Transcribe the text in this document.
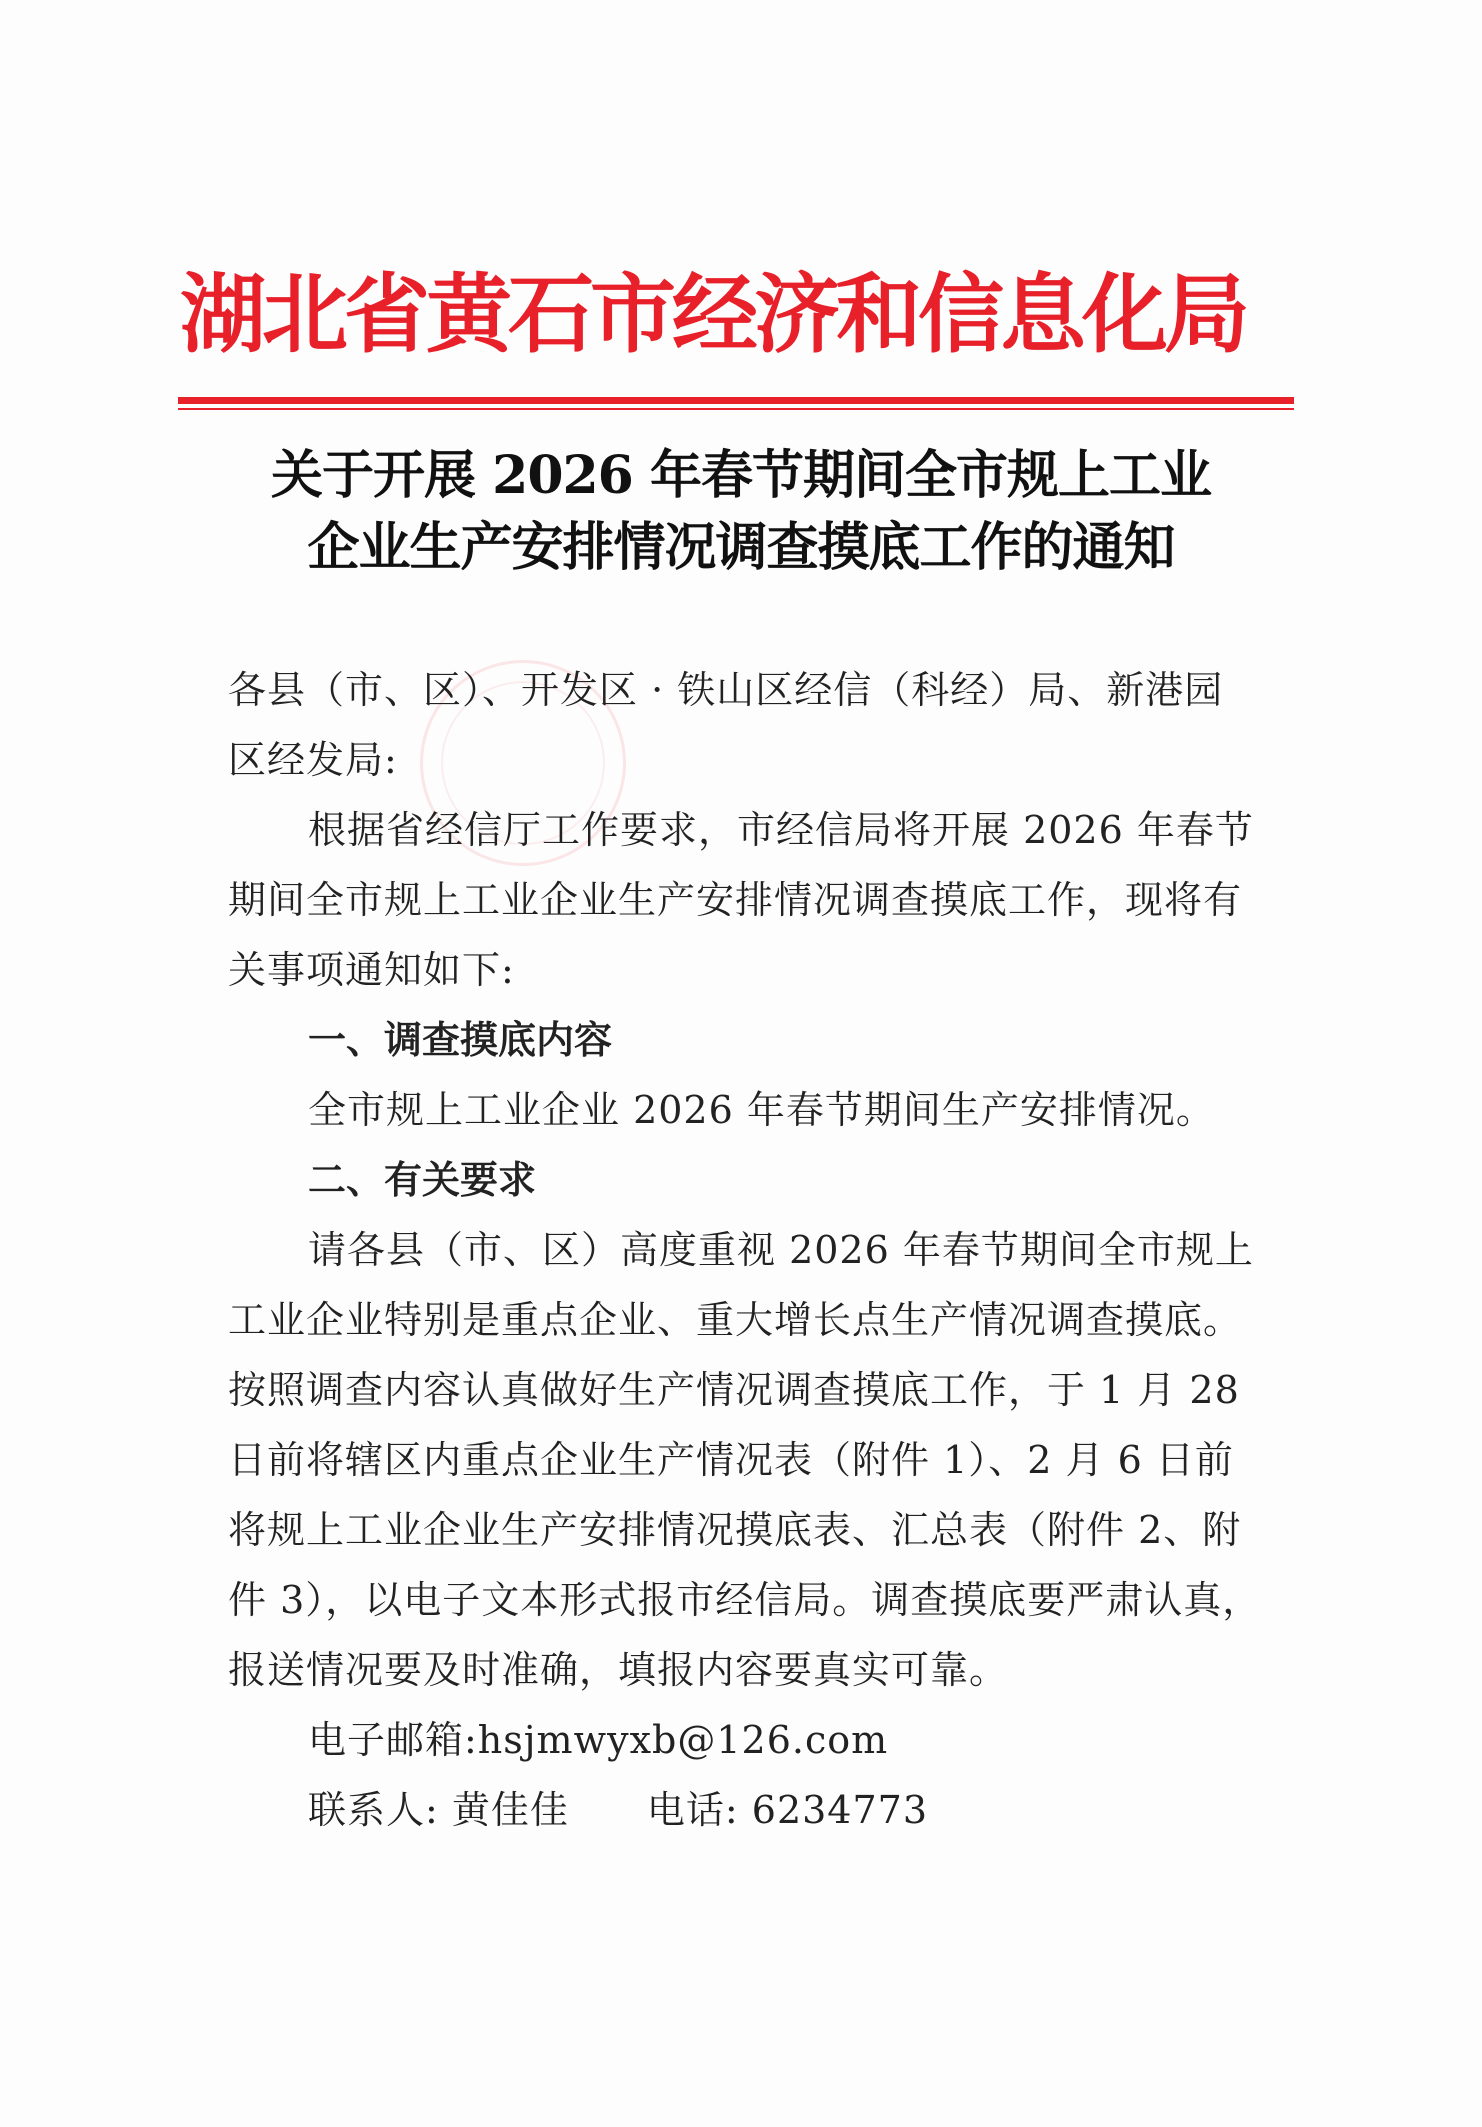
湖北省黄石市经济和信息化局
关于开展 2026 年春节期间全市规上工业
企业生产安排情况调查摸底工作的通知
各县（市、区）、开发区 · 铁山区经信（科经）局、新港园
区经发局:
根据省经信厅工作要求，市经信局将开展 2026 年春节
期间全市规上工业企业生产安排情况调查摸底工作，现将有
关事项通知如下:
一、调查摸底内容
全市规上工业企业 2026 年春节期间生产安排情况。
二、有关要求
请各县（市、区）高度重视 2026 年春节期间全市规上
工业企业特别是重点企业、重大增长点生产情况调查摸底。
按照调查内容认真做好生产情况调查摸底工作，于 1 月 28
日前将辖区内重点企业生产情况表（附件 1）、2 月 6 日前
将规上工业企业生产安排情况摸底表、汇总表（附件 2、附
件 3），以电子文本形式报市经信局。调查摸底要严肃认真，
报送情况要及时准确，填报内容要真实可靠。
电子邮箱:hsjmwyxb@126.com
联系人: 黄佳佳　　电话: 6234773
